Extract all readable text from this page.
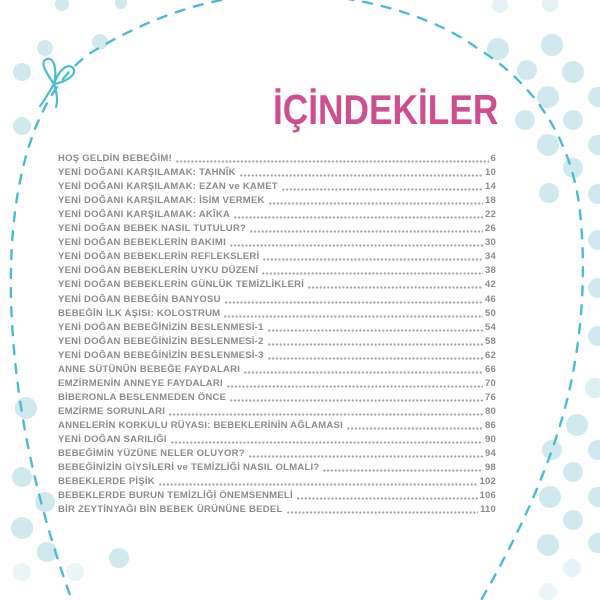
İÇİNDEKİLER
HOŞ GELDİN BEBEĞİM!	6
YENİ DOĞANI KARŞILAMAK: TAHNÎK	10
YENİ DOĞANI KARŞILAMAK: EZAN ve KAMET	14
YENİ DOĞANI KARŞILAMAK: İSİM VERMEK	18
YENİ DOĞANI KARŞILAMAK: AKÎKA	22
YENİ DOĞAN BEBEK NASIL TUTULUR?	26
YENİ DOĞAN BEBEKLERİN BAKIMI	30
YENİ DOĞAN BEBEKLERİN REFLEKSLERİ	34
YENİ DOĞAN BEBEKLERİN UYKU DÜZENİ	38
YENİ DOĞAN BEBEKLERİN GÜNLÜK TEMİZLİKLERİ	42
YENİ DOĞAN BEBEĞİN BANYOSU	46
BEBEĞİN İLK AŞISI: KOLOSTRUM	50
YENİ DOĞAN BEBEĞİNİZİN BESLENMESİ-1	54
YENİ DOĞAN BEBEĞİNİZİN BESLENMESİ-2	58
YENİ DOĞAN BEBEĞİNİZİN BESLENMESİ-3	62
ANNE SÜTÜNÜN BEBEĞE FAYDALARI	66
EMZİRMENİN ANNEYE FAYDALARI	70
BİBERONLA BESLENMEDEN ÖNCE	76
EMZİRME SORUNLARI	80
ANNELERİN KORKULU RÜYASI: BEBEKLERİNİN AĞLAMASI	86
YENİ DOĞAN SARILIĞI	90
BEBEĞİMİN YÜZÜNE NELER OLUYOR?	94
BEBEĞİNİZİN GİYSİLERİ ve TEMİZLİĞİ NASIL OLMALI?	98
BEBEKLERDE PİŞİK	102
BEBEKLERDE BURUN TEMİZLİĞİ ÖNEMSENMELİ	106
BİR ZEYTİNYAĞI BİN BEBEK ÜRÜNÜNE BEDEL	110
